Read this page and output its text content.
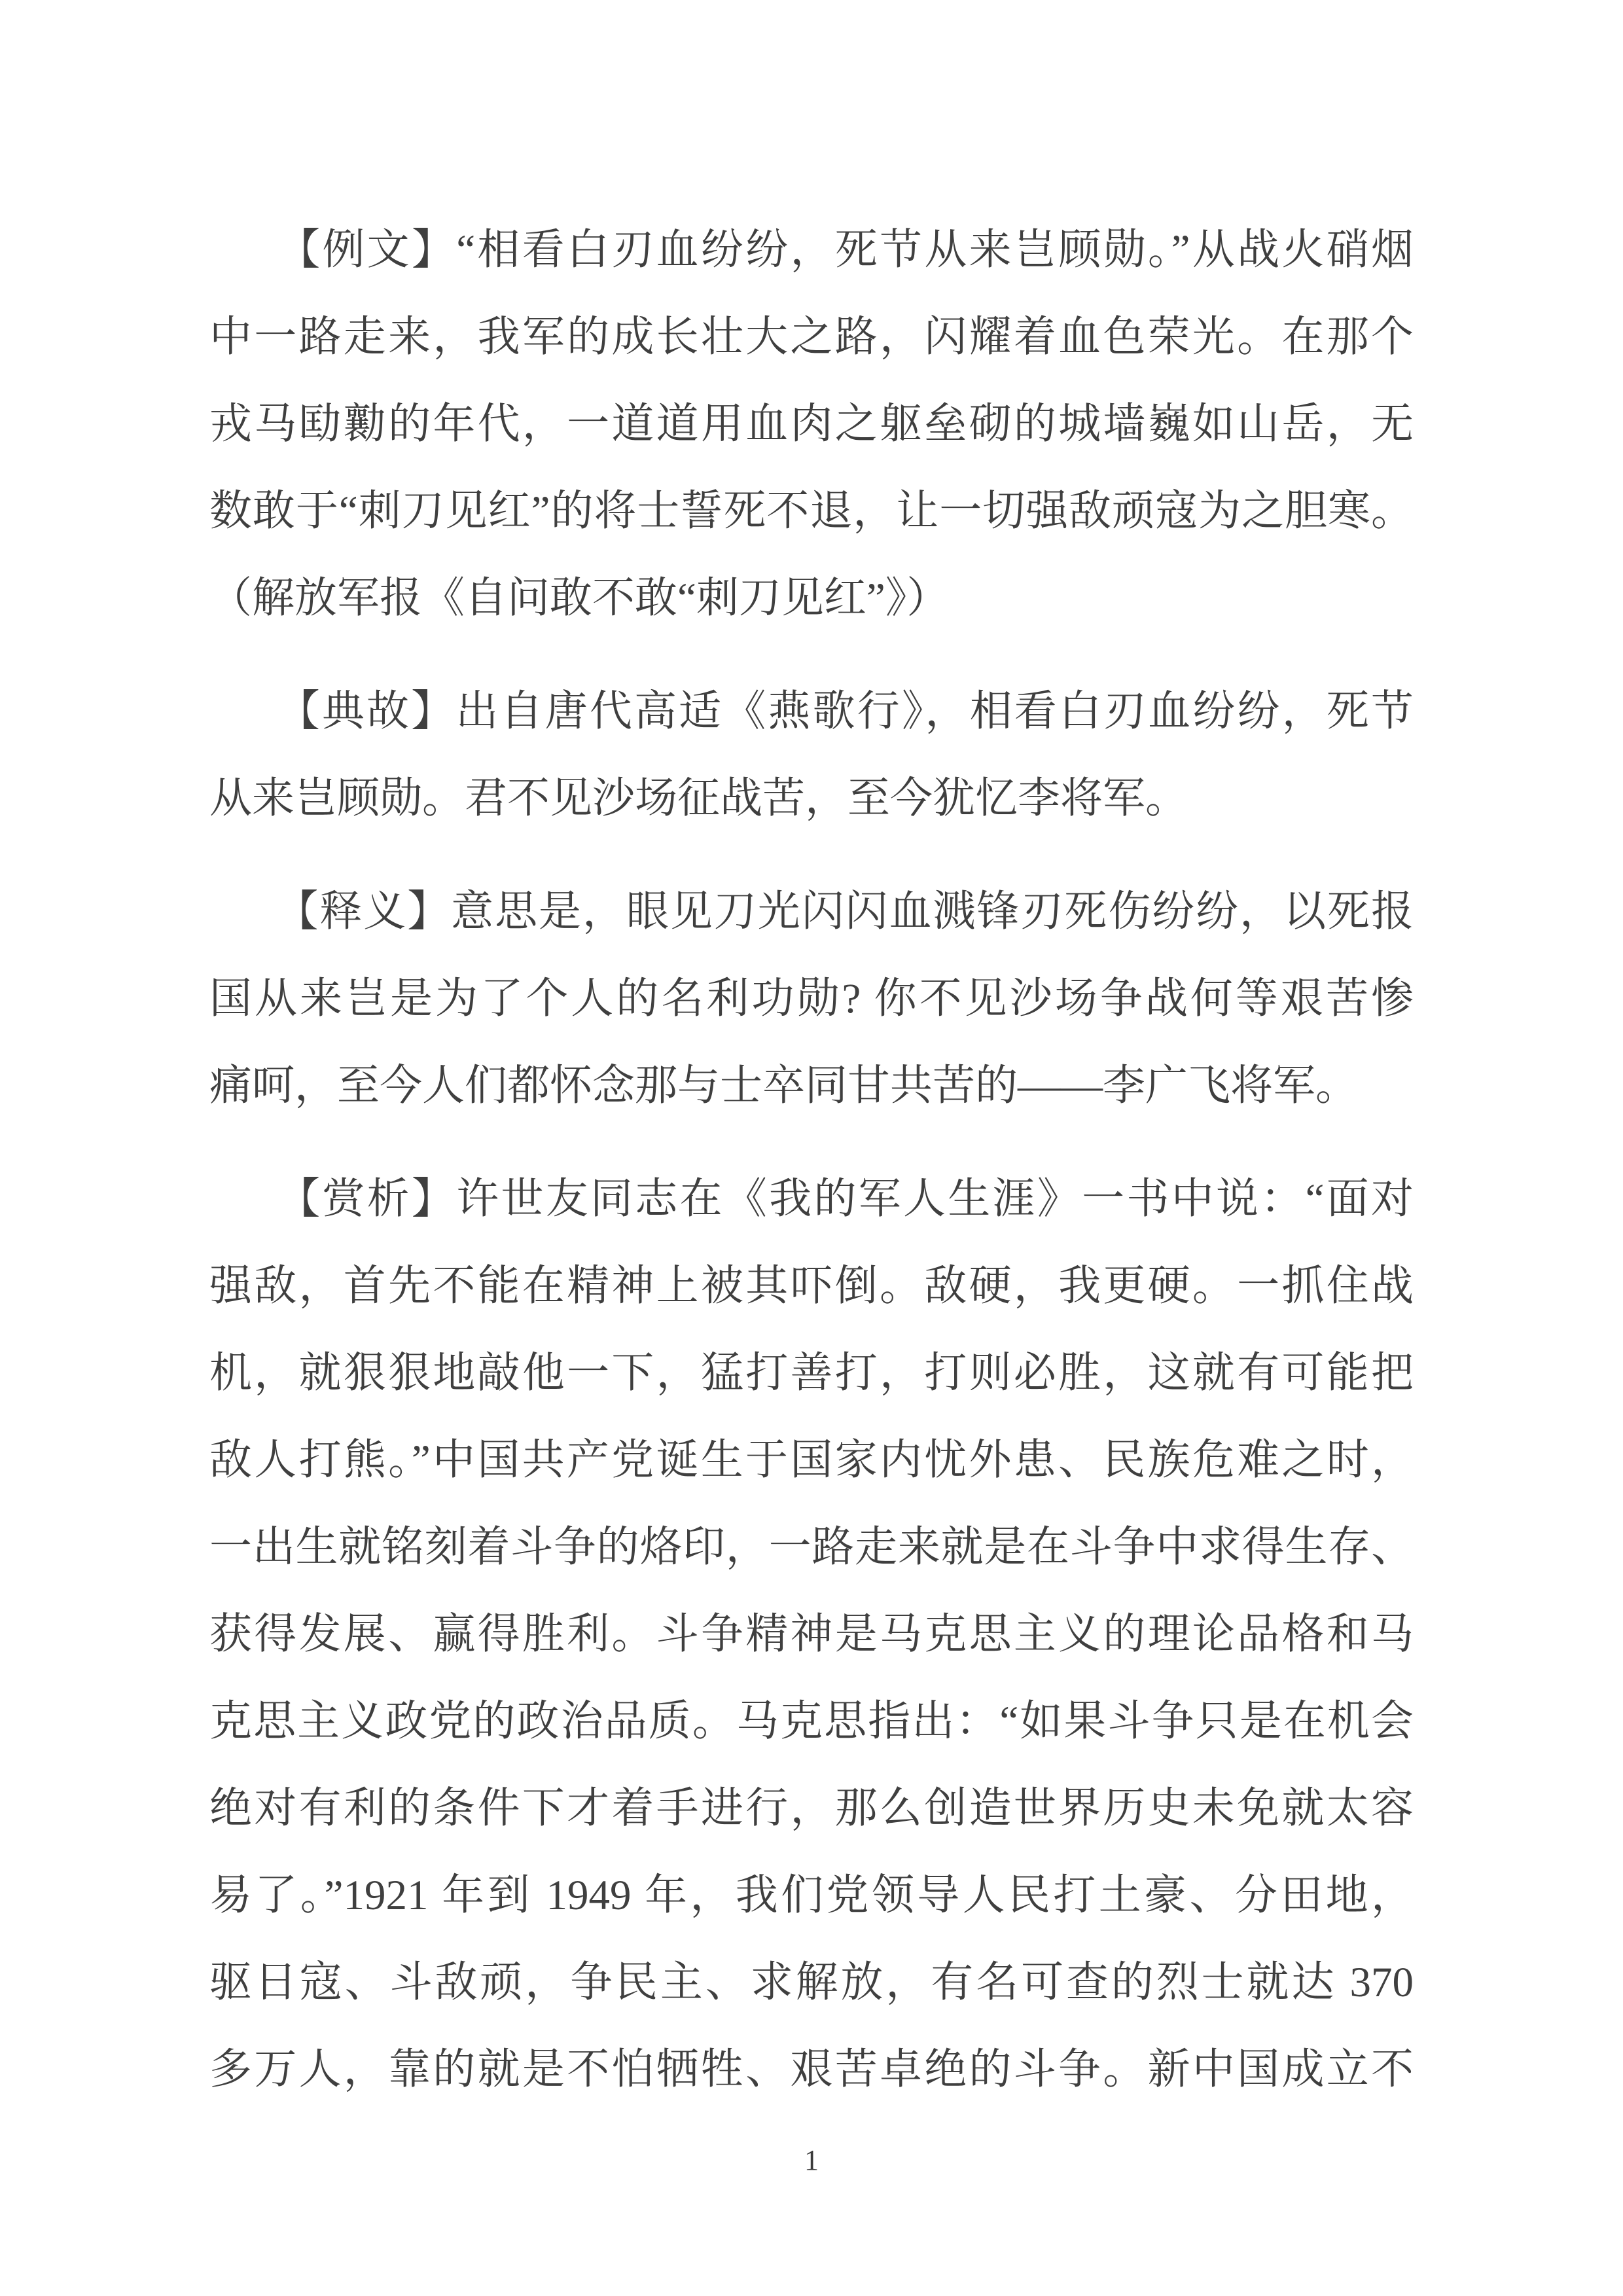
　　【例文】“相看白刃血纷纷，死节从来岂顾勋。”从战火硝烟
中一路走来，我军的成长壮大之路，闪耀着血色荣光。在那个
戎马劻勷的年代，一道道用血肉之躯垒砌的城墙巍如山岳，无
数敢于“刺刀见红”的将士誓死不退，让一切强敌顽寇为之胆寒。
（解放军报《自问敢不敢“刺刀见红”》）
　　【典故】出自唐代高适《燕歌行》，相看白刃血纷纷，死节
从来岂顾勋。君不见沙场征战苦，至今犹忆李将军。
　　【释义】意思是，眼见刀光闪闪血溅锋刃死伤纷纷，以死报
国从来岂是为了个人的名利功勋? 你不见沙场争战何等艰苦惨
痛呵，至今人们都怀念那与士卒同甘共苦的——李广飞将军。
　　【赏析】许世友同志在《我的军人生涯》一书中说：“面对
强敌，首先不能在精神上被其吓倒。敌硬，我更硬。一抓住战
机，就狠狠地敲他一下，猛打善打，打则必胜，这就有可能把
敌人打熊。”中国共产党诞生于国家内忧外患、民族危难之时，
一出生就铭刻着斗争的烙印，一路走来就是在斗争中求得生存、
获得发展、赢得胜利。斗争精神是马克思主义的理论品格和马
克思主义政党的政治品质。马克思指出：“如果斗争只是在机会
绝对有利的条件下才着手进行，那么创造世界历史未免就太容
易了。”1921 年到 1949 年，我们党领导人民打土豪、分田地，
驱日寇、斗敌顽，争民主、求解放，有名可查的烈士就达 370
多万人，靠的就是不怕牺牲、艰苦卓绝的斗争。新中国成立不
1
